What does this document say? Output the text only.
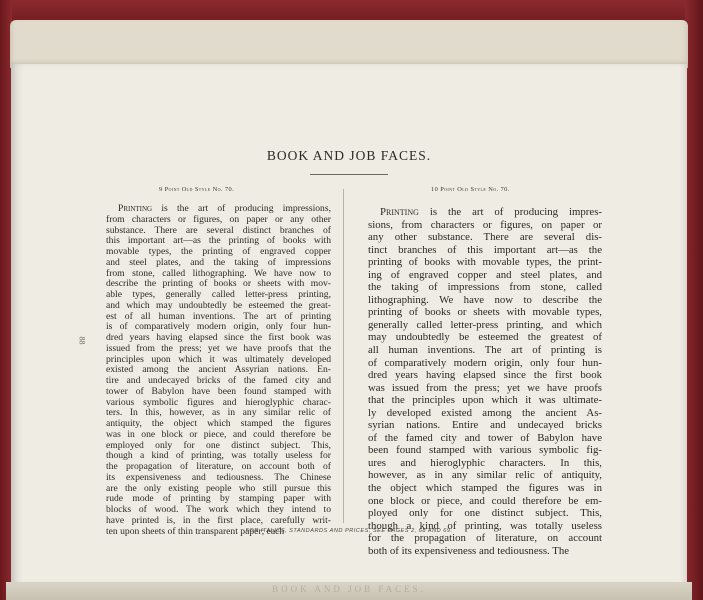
BOOK AND JOB FACES.
9 Point Old Style No. 70.	10 Point Old Style No. 70.
88
Printing is the art of producing impressions,
from characters or figures, on paper or any other
substance. There are several distinct branches of
this important art—as the printing of books with
movable types, the printing of engraved copper
and steel plates, and the taking of impressions
from stone, called lithographing. We have now to
describe the printing of books or sheets with mov-
able types, generally called letter-press printing,
and which may undoubtedly be esteemed the great-
est of all human inventions. The art of printing
is of comparatively modern origin, only four hun-
dred years having elapsed since the first book was
issued from the press; yet we have proofs that the
principles upon which it was ultimately developed
existed among the ancient Assyrian nations. En-
tire and undecayed bricks of the famed city and
tower of Babylon have been found stamped with
various symbolic figures and hieroglyphic charac-
ters. In this, however, as in any similar relic of
antiquity, the object which stamped the figures
was in one block or piece, and could therefore be
employed only for one distinct subject. This,
though a kind of printing, was totally useless for
the propagation of literature, on account both of
its expensiveness and tediousness. The Chinese
are the only existing people who still pursue this
rude mode of printing by stamping paper with
blocks of wood. The work which they intend to
have printed is, in the first place, carefully writ-
ten upon sheets of thin transparent paper; each
Printing is the art of producing impres-
sions, from characters or figures, on paper or
any other substance. There are several dis-
tinct branches of this important art—as the
printing of books with movable types, the print-
ing of engraved copper and steel plates, and
the taking of impressions from stone, called
lithographing. We have now to describe the
printing of books or sheets with movable types,
generally called letter-press printing, and which
may undoubtedly be esteemed the greatest of
all human inventions. The art of printing is
of comparatively modern origin, only four hun-
dred years having elapsed since the first book
was issued from the press; yet we have proofs
that the principles upon which it was ultimate-
ly developed existed among the ancient As-
syrian nations. Entire and undecayed bricks
of the famed city and tower of Babylon have
been found stamped with various symbolic fig-
ures and hieroglyphic characters. In this,
however, as in any similar relic of antiquity,
the object which stamped the figures was in
one block or piece, and could therefore be em-
ployed only for one distinct subject. This,
though a kind of printing, was totally useless
for the propagation of literature, on account
both of its expensiveness and tediousness. The
FOR ITALICS, STANDARDS AND PRICES, SEE PAGES 2, 68 AND 69.
BOOK AND JOB FACES.
